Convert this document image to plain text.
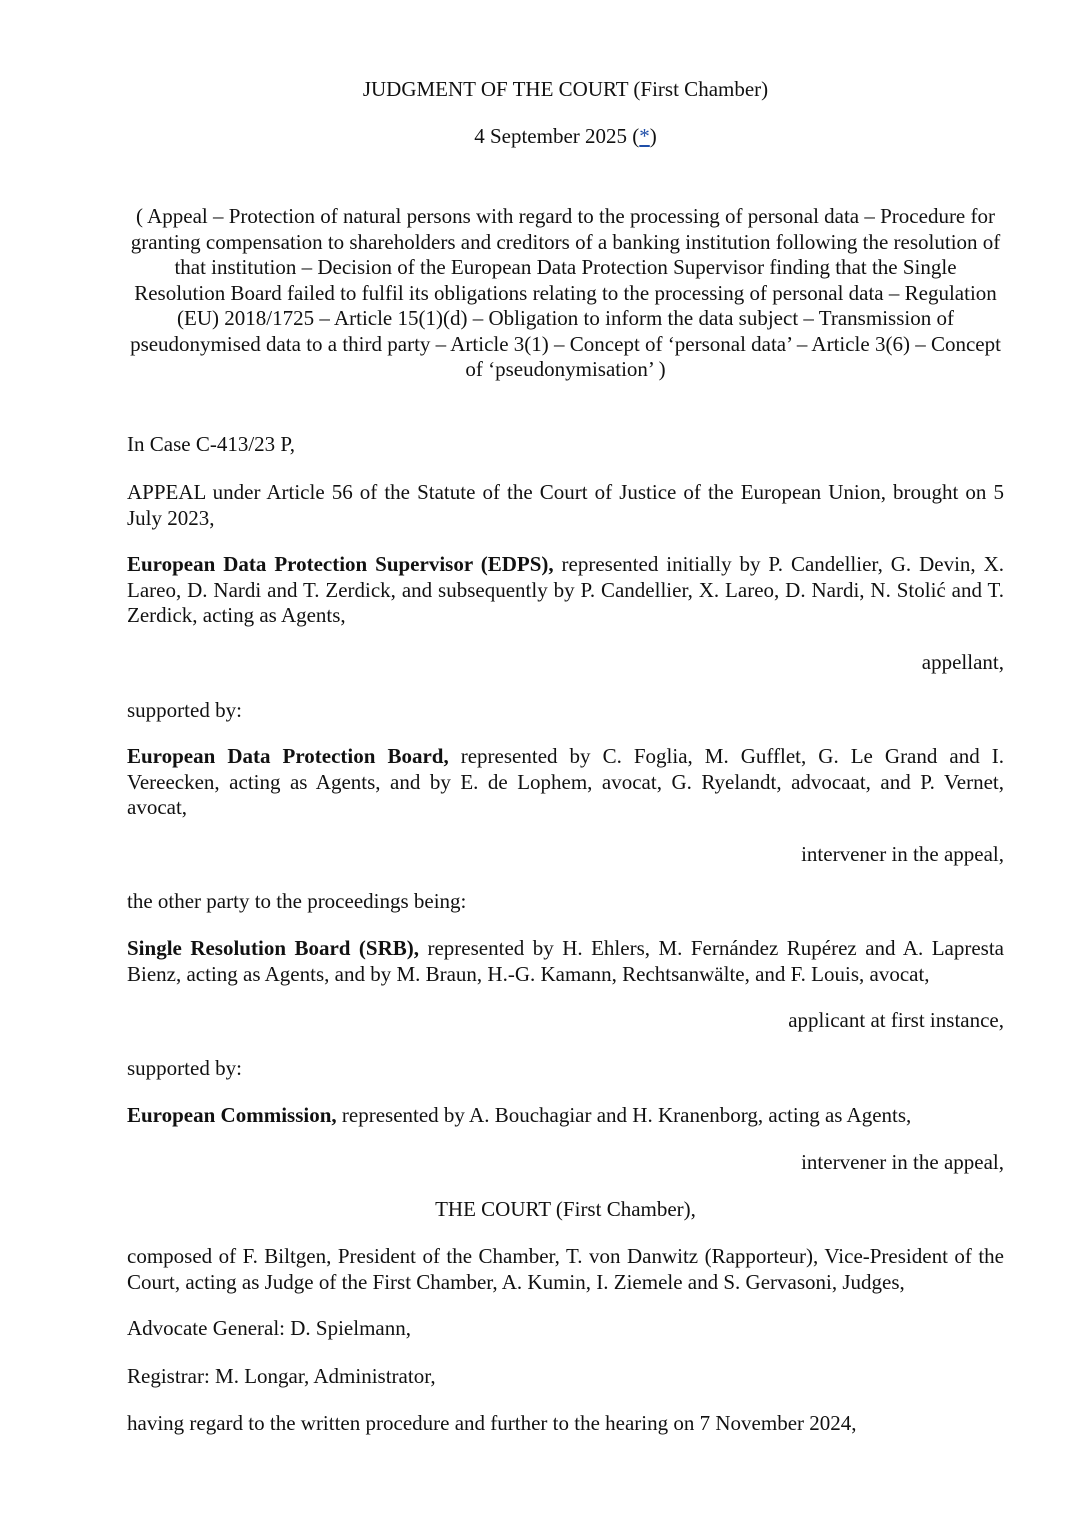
JUDGMENT OF THE COURT (First Chamber)

4 September 2025 (*)

( Appeal – Protection of natural persons with regard to the processing of personal data – Procedure for granting compensation to shareholders and creditors of a banking institution following the resolution of that institution – Decision of the European Data Protection Supervisor finding that the Single Resolution Board failed to fulfil its obligations relating to the processing of personal data – Regulation (EU) 2018/1725 – Article 15(1)(d) – Obligation to inform the data subject – Transmission of pseudonymised data to a third party – Article 3(1) – Concept of ‘personal data’ – Article 3(6) – Concept of ‘pseudonymisation’ )

In Case C-413/23 P,

APPEAL under Article 56 of the Statute of the Court of Justice of the European Union, brought on 5 July 2023,

European Data Protection Supervisor (EDPS), represented initially by P. Candellier, G. Devin, X. Lareo, D. Nardi and T. Zerdick, and subsequently by P. Candellier, X. Lareo, D. Nardi, N. Stolić and T. Zerdick, acting as Agents,

appellant,

supported by:

European Data Protection Board, represented by C. Foglia, M. Gufflet, G. Le Grand and I. Vereecken, acting as Agents, and by E. de Lophem, avocat, G. Ryelandt, advocaat, and P. Vernet, avocat,

intervener in the appeal,

the other party to the proceedings being:

Single Resolution Board (SRB), represented by H. Ehlers, M. Fernández Rupérez and A. Lapresta Bienz, acting as Agents, and by M. Braun, H.-G. Kamann, Rechtsanwälte, and F. Louis, avocat,

applicant at first instance,

supported by:

European Commission, represented by A. Bouchagiar and H. Kranenborg, acting as Agents,

intervener in the appeal,

THE COURT (First Chamber),

composed of F. Biltgen, President of the Chamber, T. von Danwitz (Rapporteur), Vice-President of the Court, acting as Judge of the First Chamber, A. Kumin, I. Ziemele and S. Gervasoni, Judges,

Advocate General: D. Spielmann,

Registrar: M. Longar, Administrator,

having regard to the written procedure and further to the hearing on 7 November 2024,
